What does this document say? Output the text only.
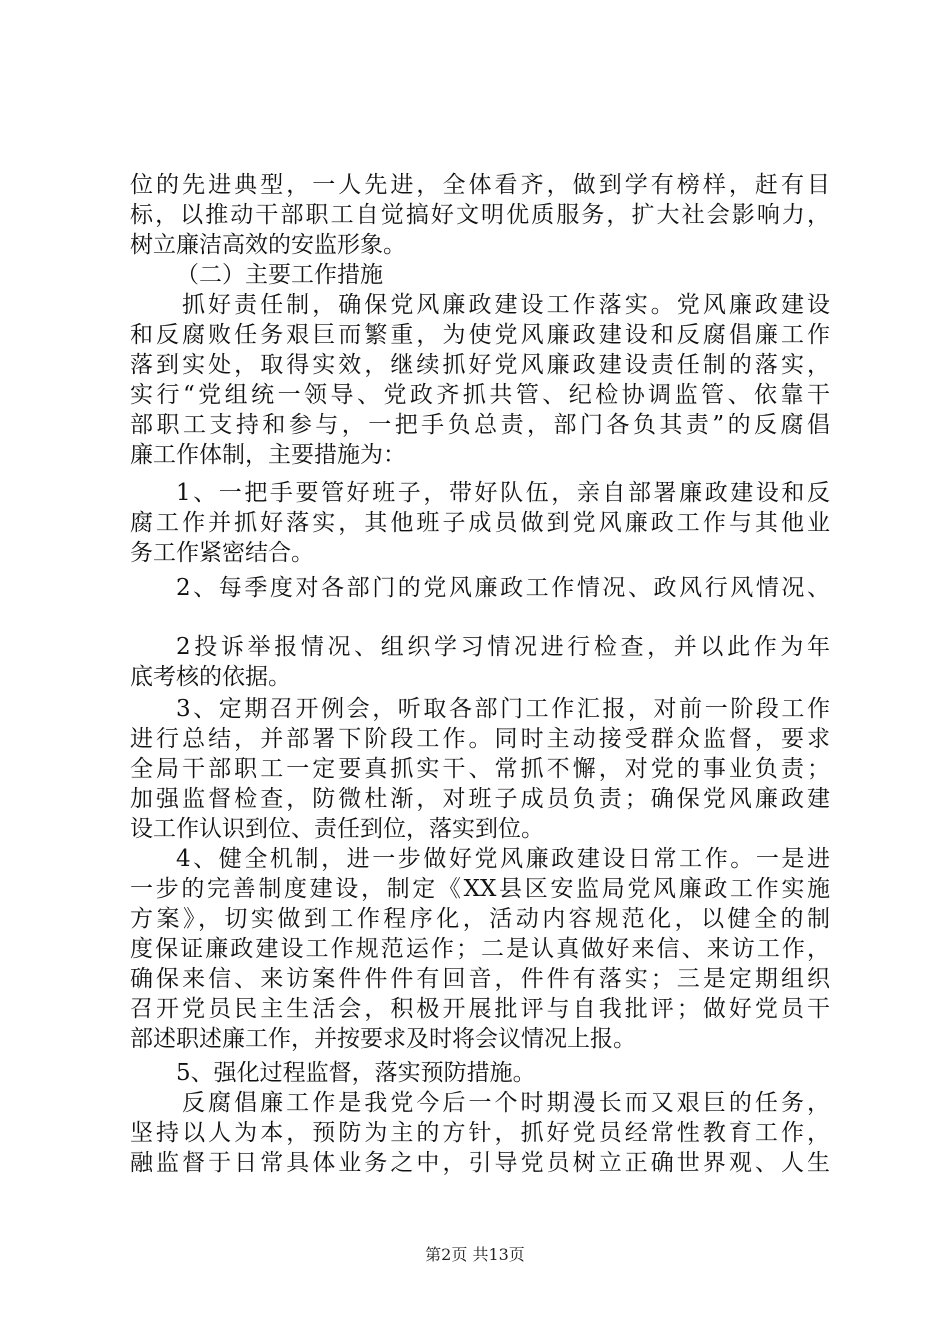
位的先进典型，一人先进，全体看齐，做到学有榜样，赶有目
标，以推动干部职工自觉搞好文明优质服务，扩大社会影响力，
树立廉洁高效的安监形象。
（二）主要工作措施
抓好责任制，确保党风廉政建设工作落实。党风廉政建设
和反腐败任务艰巨而繁重，为使党风廉政建设和反腐倡廉工作
落到实处，取得实效，继续抓好党风廉政建设责任制的落实，
实行“党组统一领导、党政齐抓共管、纪检协调监管、依靠干
部职工支持和参与，一把手负总责，部门各负其责”的反腐倡
廉工作体制，主要措施为：
1、一把手要管好班子，带好队伍，亲自部署廉政建设和反
腐工作并抓好落实，其他班子成员做到党风廉政工作与其他业
务工作紧密结合。
2、每季度对各部门的党风廉政工作情况、政风行风情况、
2投诉举报情况、组织学习情况进行检查，并以此作为年
底考核的依据。
3、定期召开例会，听取各部门工作汇报，对前一阶段工作
进行总结，并部署下阶段工作。同时主动接受群众监督，要求
全局干部职工一定要真抓实干、常抓不懈，对党的事业负责；
加强监督检查，防微杜渐，对班子成员负责；确保党风廉政建
设工作认识到位、责任到位，落实到位。
4、健全机制，进一步做好党风廉政建设日常工作。一是进
一步的完善制度建设，制定《XX县区安监局党风廉政工作实施
方案》，切实做到工作程序化，活动内容规范化，以健全的制
度保证廉政建设工作规范运作；二是认真做好来信、来访工作，
确保来信、来访案件件件有回音，件件有落实；三是定期组织
召开党员民主生活会，积极开展批评与自我批评；做好党员干
部述职述廉工作，并按要求及时将会议情况上报。
5、强化过程监督，落实预防措施。
反腐倡廉工作是我党今后一个时期漫长而又艰巨的任务，
坚持以人为本，预防为主的方针，抓好党员经常性教育工作，
融监督于日常具体业务之中，引导党员树立正确世界观、人生
第2页 共13页
